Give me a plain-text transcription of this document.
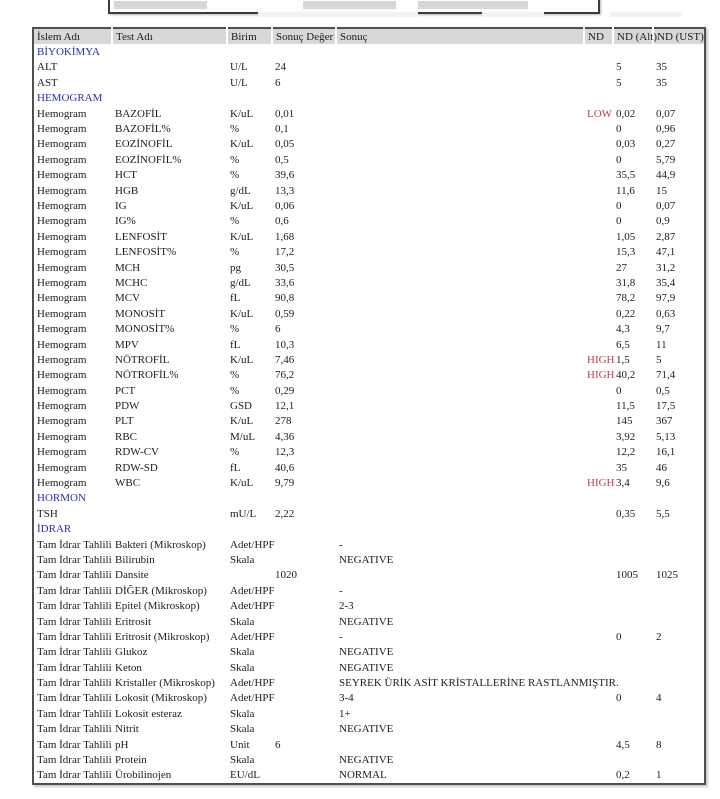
İslem Adı	Test Adı	Birim	Sonuç Değer	Sonuç	ND	ND (Alt)	ND (UST)
BİYOKİMYA							
ALT		U/L	24			5	35
AST		U/L	6			5	35
HEMOGRAM							
Hemogram	BAZOFİL	K/uL	0,01		LOW	0,02	0,07
Hemogram	BAZOFİL%	%	0,1			0	0,96
Hemogram	EOZİNOFİL	K/uL	0,05			0,03	0,27
Hemogram	EOZİNOFİL%	%	0,5			0	5,79
Hemogram	HCT	%	39,6			35,5	44,9
Hemogram	HGB	g/dL	13,3			11,6	15
Hemogram	IG	K/uL	0,06			0	0,07
Hemogram	IG%	%	0,6			0	0,9
Hemogram	LENFOSİT	K/uL	1,68			1,05	2,87
Hemogram	LENFOSİT%	%	17,2			15,3	47,1
Hemogram	MCH	pg	30,5			27	31,2
Hemogram	MCHC	g/dL	33,6			31,8	35,4
Hemogram	MCV	fL	90,8			78,2	97,9
Hemogram	MONOSİT	K/uL	0,59			0,22	0,63
Hemogram	MONOSİT%	%	6			4,3	9,7
Hemogram	MPV	fL	10,3			6,5	11
Hemogram	NÖTROFİL	K/uL	7,46		HIGH	1,5	5
Hemogram	NÖTROFİL%	%	76,2		HIGH	40,2	71,4
Hemogram	PCT	%	0,29			0	0,5
Hemogram	PDW	GSD	12,1			11,5	17,5
Hemogram	PLT	K/uL	278			145	367
Hemogram	RBC	M/uL	4,36			3,92	5,13
Hemogram	RDW-CV	%	12,3			12,2	16,1
Hemogram	RDW-SD	fL	40,6			35	46
Hemogram	WBC	K/uL	9,79		HIGH	3,4	9,6
HORMON							
TSH		mU/L	2,22			0,35	5,5
İDRAR							
Tam İdrar Tahlili	Bakteri (Mikroskop)	Adet/HPF		-			
Tam İdrar Tahlili	Bilirubin	Skala		NEGATIVE			
Tam İdrar Tahlili	Dansite		1020			1005	1025
Tam İdrar Tahlili	DİĞER (Mikroskop)	Adet/HPF		-			
Tam İdrar Tahlili	Epitel (Mikroskop)	Adet/HPF		2-3			
Tam İdrar Tahlili	Eritrosit	Skala		NEGATIVE			
Tam İdrar Tahlili	Eritrosit (Mikroskop)	Adet/HPF		-		0	2
Tam İdrar Tahlili	Glukoz	Skala		NEGATIVE			
Tam İdrar Tahlili	Keton	Skala		NEGATIVE			
Tam İdrar Tahlili	Kristaller (Mikroskop)	Adet/HPF		SEYREK ÜRİK ASİT KRİSTALLERİNE RASTLANMIŞTIR.			
Tam İdrar Tahlili	Lokosit (Mikroskop)	Adet/HPF		3-4		0	4
Tam İdrar Tahlili	Lokosit esteraz	Skala		1+			
Tam İdrar Tahlili	Nitrit	Skala		NEGATIVE			
Tam İdrar Tahlili	pH	Unit	6			4,5	8
Tam İdrar Tahlili	Protein	Skala		NEGATIVE			
Tam İdrar Tahlili	Ürobilinojen	EU/dL		NORMAL		0,2	1
